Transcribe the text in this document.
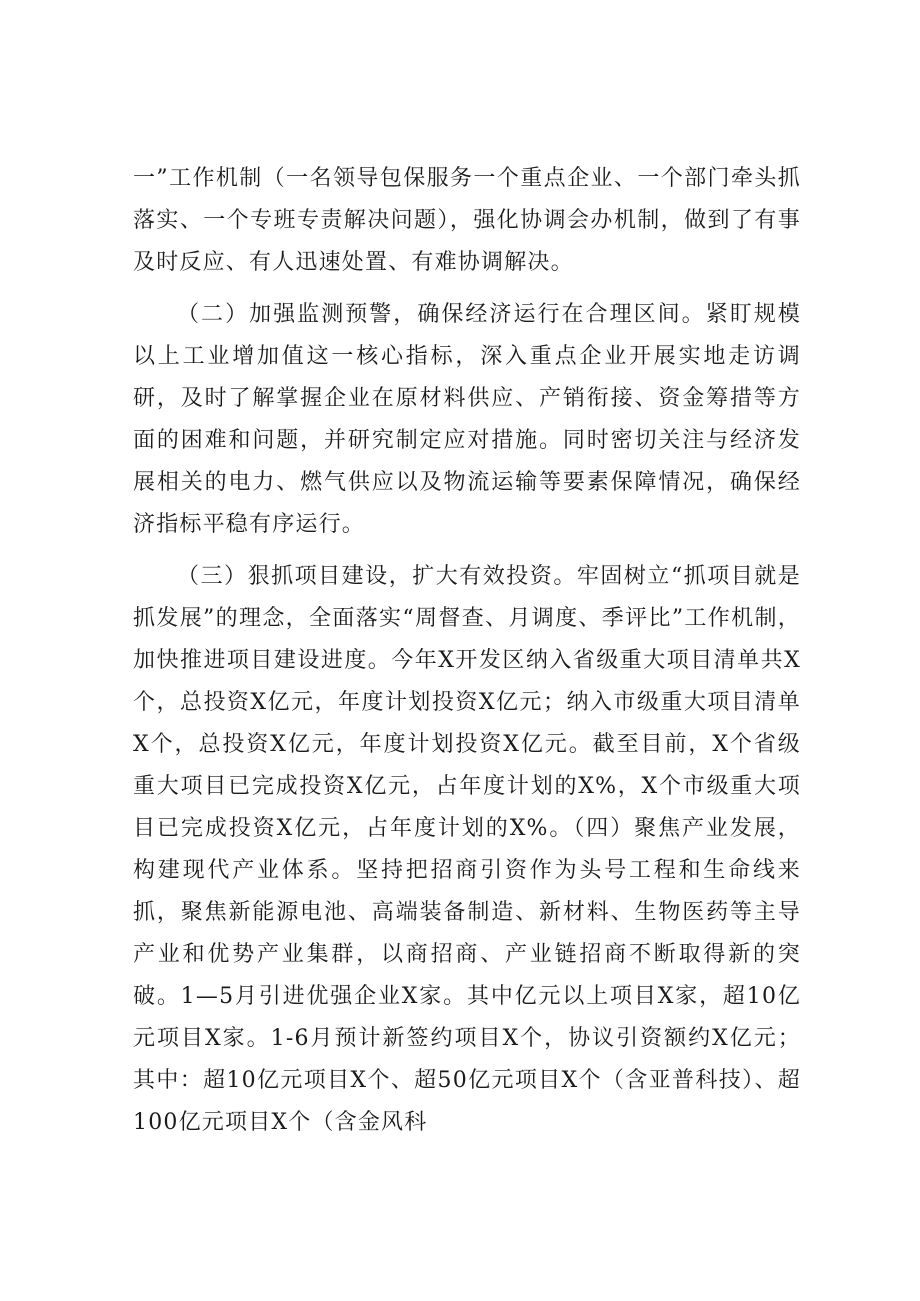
一”工作机制（一名领导包保服务一个重点企业、一个部门牵头抓落实、一个专班专责解决问题），强化协调会办机制，做到了有事及时反应、有人迅速处置、有难协调解决。

（二）加强监测预警，确保经济运行在合理区间。紧盯规模以上工业增加值这一核心指标，深入重点企业开展实地走访调研，及时了解掌握企业在原材料供应、产销衔接、资金筹措等方面的困难和问题，并研究制定应对措施。同时密切关注与经济发展相关的电力、燃气供应以及物流运输等要素保障情况，确保经济指标平稳有序运行。

（三）狠抓项目建设，扩大有效投资。牢固树立“抓项目就是抓发展”的理念，全面落实“周督查、月调度、季评比”工作机制，加快推进项目建设进度。今年X开发区纳入省级重大项目清单共X个，总投资X亿元，年度计划投资X亿元；纳入市级重大项目清单X个，总投资X亿元，年度计划投资X亿元。截至目前，X个省级重大项目已完成投资X亿元，占年度计划的X%，X个市级重大项目已完成投资X亿元，占年度计划的X%。（四）聚焦产业发展，构建现代产业体系。坚持把招商引资作为头号工程和生命线来抓，聚焦新能源电池、高端装备制造、新材料、生物医药等主导产业和优势产业集群，以商招商、产业链招商不断取得新的突破。1—5月引进优强企业X家。其中亿元以上项目X家，超10亿元项目X家。1-6月预计新签约项目X个，协议引资额约X亿元；其中：超10亿元项目X个、超50亿元项目X个（含亚普科技）、超100亿元项目X个（含金风科
